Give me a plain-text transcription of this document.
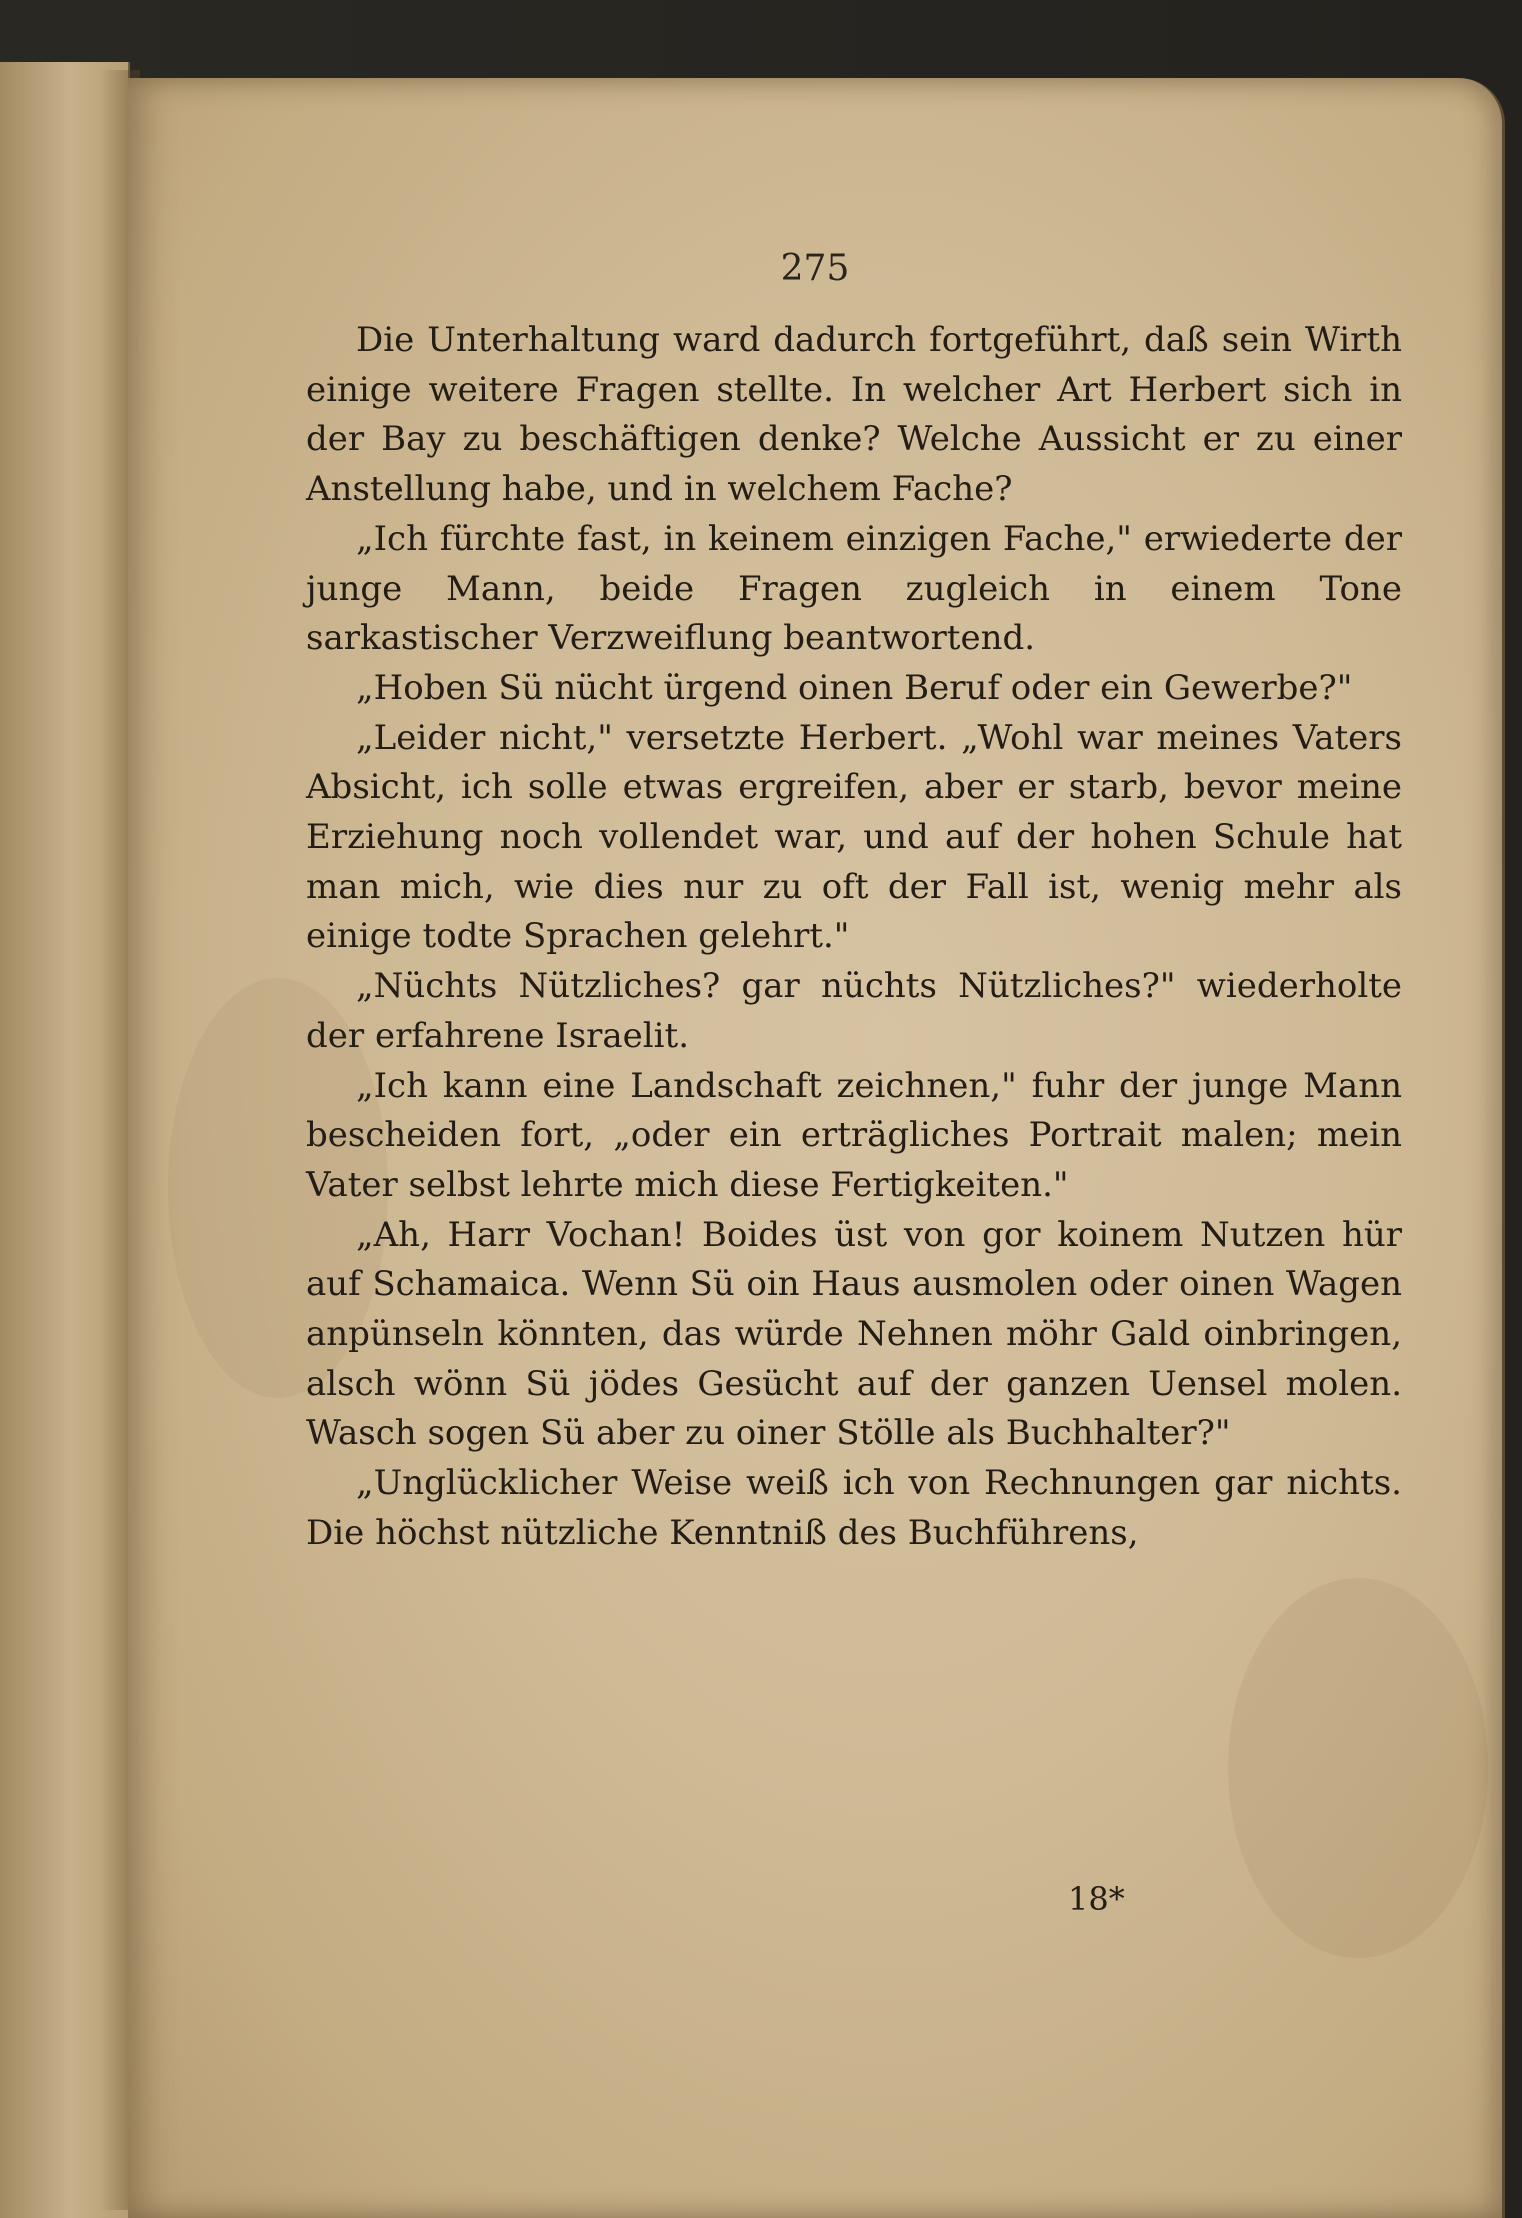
275

Die Unterhaltung ward dadurch fortgeführt, daß sein Wirth einige weitere Fragen stellte. In welcher Art Herbert sich in der Bay zu beschäftigen denke? Welche Aussicht er zu einer Anstellung habe, und in welchem Fache?

„Ich fürchte fast, in keinem einzigen Fache," erwiederte der junge Mann, beide Fragen zugleich in einem Tone sarkastischer Verzweiflung beantwortend.

„Hoben Sü nücht ürgend oinen Beruf oder ein Gewerbe?"

„Leider nicht," versetzte Herbert. „Wohl war meines Vaters Absicht, ich solle etwas ergreifen, aber er starb, bevor meine Erziehung noch vollendet war, und auf der hohen Schule hat man mich, wie dies nur zu oft der Fall ist, wenig mehr als einige todte Sprachen gelehrt."

„Nüchts Nützliches? gar nüchts Nützliches?" wiederholte der erfahrene Israelit.

„Ich kann eine Landschaft zeichnen," fuhr der junge Mann bescheiden fort, „oder ein erträgliches Portrait malen; mein Vater selbst lehrte mich diese Fertigkeiten."

„Ah, Harr Vochan! Boides üst von gor koinem Nutzen hür auf Schamaica. Wenn Sü oin Haus ausmolen oder oinen Wagen anpünseln könnten, das würde Nehnen möhr Gald oinbringen, alsch wönn Sü jödes Gesücht auf der ganzen Uensel molen. Wasch sogen Sü aber zu oiner Stölle als Buchhalter?"

„Unglücklicher Weise weiß ich von Rechnungen gar nichts. Die höchst nützliche Kenntniß des Buchführens,

18*
